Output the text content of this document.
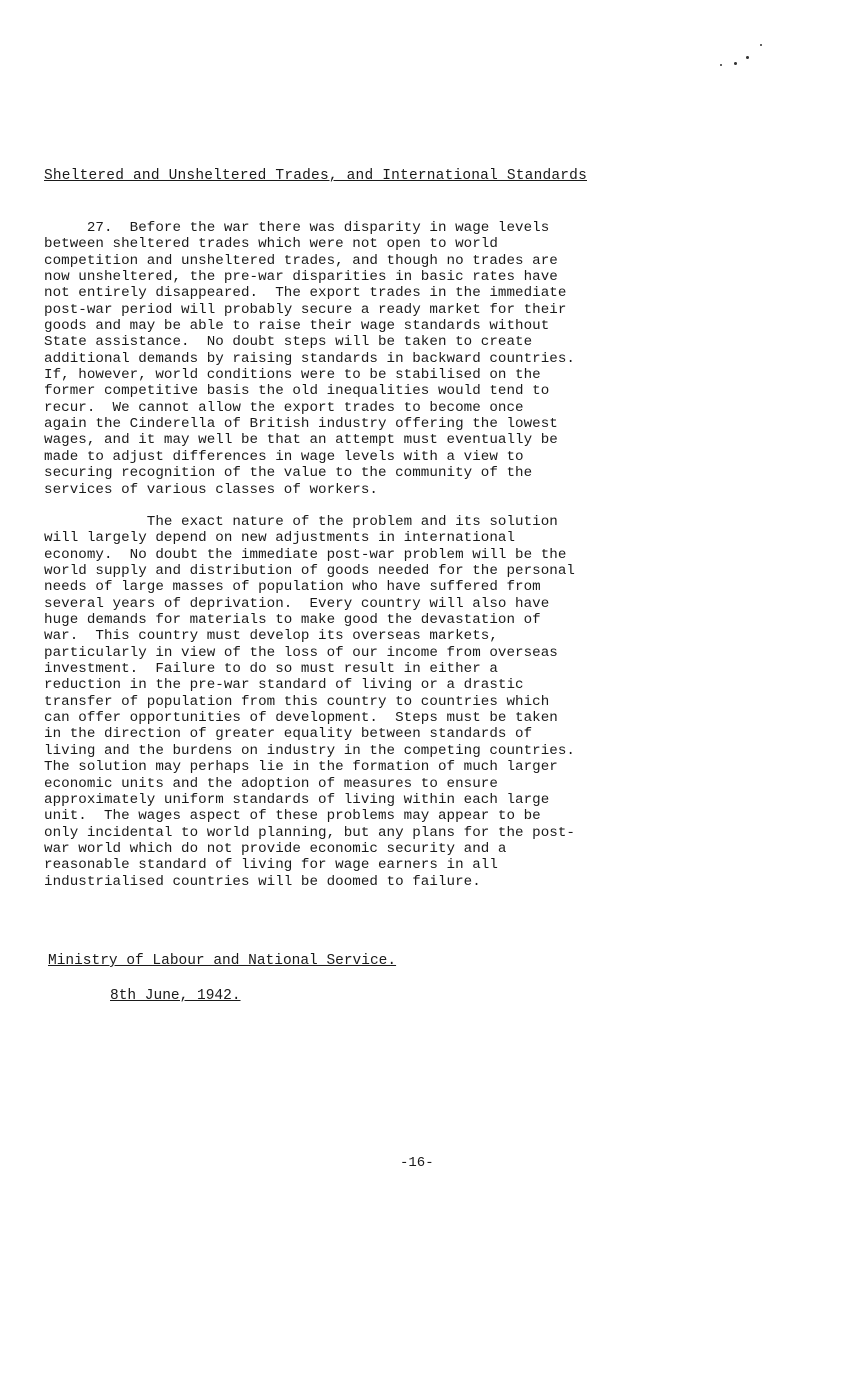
Sheltered and Unsheltered Trades, and International Standards
27.  Before the war there was disparity in wage levels
between sheltered trades which were not open to world
competition and unsheltered trades, and though no trades are
now unsheltered, the pre-war disparities in basic rates have
not entirely disappeared.  The export trades in the immediate
post-war period will probably secure a ready market for their
goods and may be able to raise their wage standards without
State assistance.  No doubt steps will be taken to create
additional demands by raising standards in backward countries.
If, however, world conditions were to be stabilised on the
former competitive basis the old inequalities would tend to
recur.  We cannot allow the export trades to become once
again the Cinderella of British industry offering the lowest
wages, and it may well be that an attempt must eventually be
made to adjust differences in wage levels with a view to
securing recognition of the value to the community of the
services of various classes of workers.
The exact nature of the problem and its solution
will largely depend on new adjustments in international
economy.  No doubt the immediate post-war problem will be the
world supply and distribution of goods needed for the personal
needs of large masses of population who have suffered from
several years of deprivation.  Every country will also have
huge demands for materials to make good the devastation of
war.  This country must develop its overseas markets,
particularly in view of the loss of our income from overseas
investment.  Failure to do so must result in either a
reduction in the pre-war standard of living or a drastic
transfer of population from this country to countries which
can offer opportunities of development.  Steps must be taken
in the direction of greater equality between standards of
living and the burdens on industry in the competing countries.
The solution may perhaps lie in the formation of much larger
economic units and the adoption of measures to ensure
approximately uniform standards of living within each large
unit.  The wages aspect of these problems may appear to be
only incidental to world planning, but any plans for the post-
war world which do not provide economic security and a
reasonable standard of living for wage earners in all
industrialised countries will be doomed to failure.
Ministry of Labour and National Service.
8th June, 1942.
-16-
